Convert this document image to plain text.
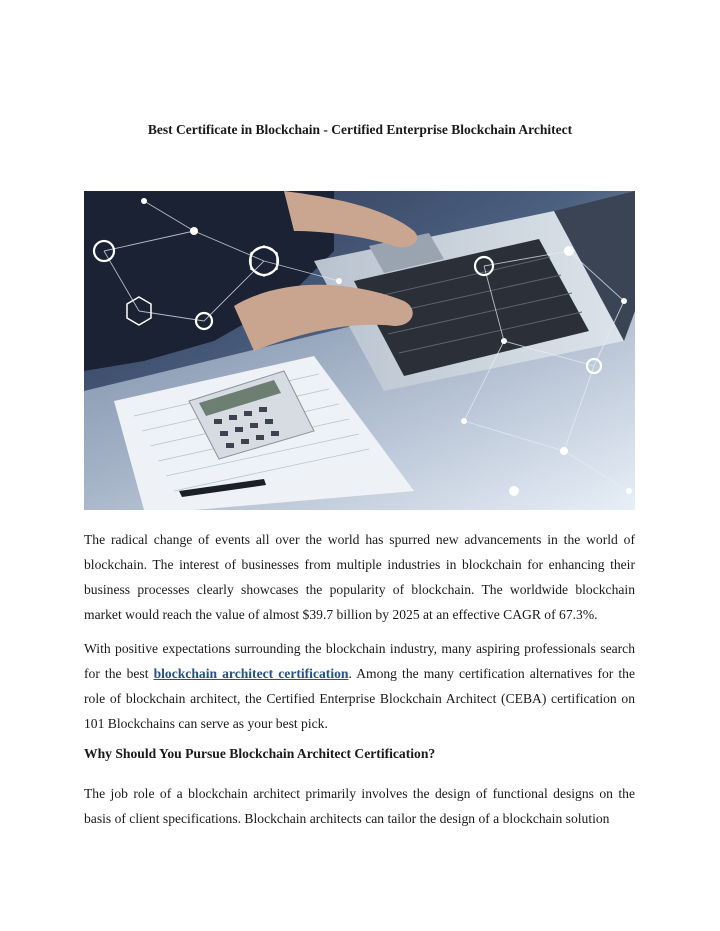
Best Certificate in Blockchain - Certified Enterprise Blockchain Architect
The radical change of events all over the world has spurred new advancements in the world of blockchain. The interest of businesses from multiple industries in blockchain for enhancing their business processes clearly showcases the popularity of blockchain. The worldwide blockchain market would reach the value of almost $39.7 billion by 2025 at an effective CAGR of 67.3%.
With positive expectations surrounding the blockchain industry, many aspiring professionals search for the best blockchain architect certification. Among the many certification alternatives for the role of blockchain architect, the Certified Enterprise Blockchain Architect (CEBA) certification on 101 Blockchains can serve as your best pick.
Why Should You Pursue Blockchain Architect Certification?
The job role of a blockchain architect primarily involves the design of functional designs on the basis of client specifications. Blockchain architects can tailor the design of a blockchain solution
